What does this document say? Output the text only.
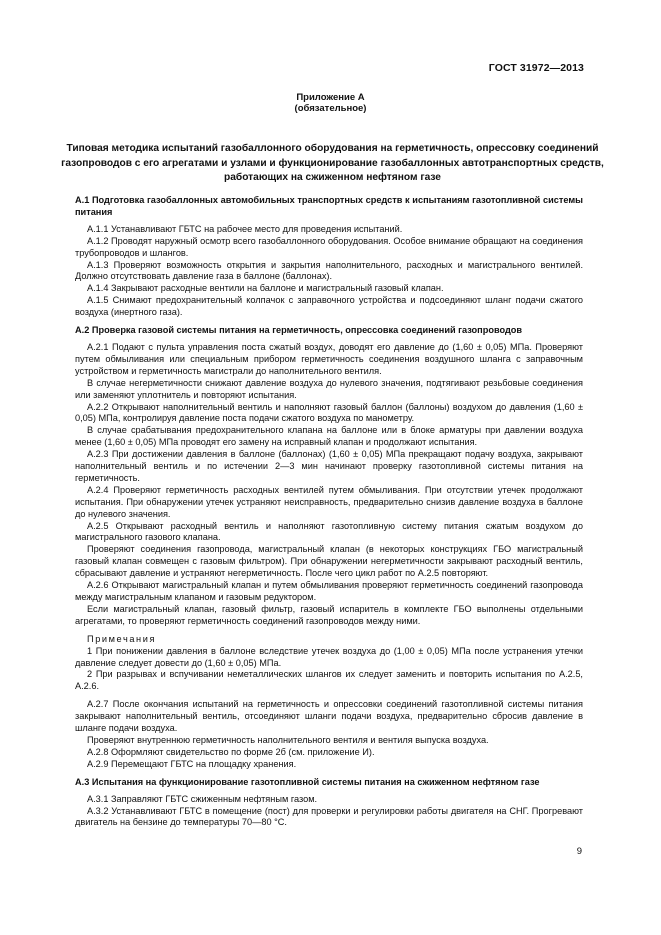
ГОСТ 31972—2013
Приложение А
(обязательное)
Типовая методика испытаний газобаллонного оборудования на герметичность, опрессовку соединений газопроводов с его агрегатами и узлами и функционирование газобаллонных автотранспортных средств, работающих на сжиженном нефтяном газе

А.1 Подготовка газобаллонных автомобильных транспортных средств к испытаниям газотопливной системы питания

А.1.1 Устанавливают ГБТС на рабочее место для проведения испытаний.

А.1.2 Проводят наружный осмотр всего газобаллонного оборудования. Особое внимание обращают на соединения трубопроводов и шлангов.

А.1.3 Проверяют возможность открытия и закрытия наполнительного, расходных и магистрального вентилей. Должно отсутствовать давление газа в баллоне (баллонах).

А.1.4 Закрывают расходные вентили на баллоне и магистральный газовый клапан.

А.1.5 Снимают предохранительный колпачок с заправочного устройства и подсоединяют шланг подачи сжатого воздуха (инертного газа).

А.2 Проверка газовой системы питания на герметичность, опрессовка соединений газопроводов

А.2.1 Подают с пульта управления поста сжатый воздух, доводят его давление до (1,60 ± 0,05) МПа. Проверяют путем обмыливания или специальным прибором герметичность соединения воздушного шланга с заправочным устройством и герметичность магистрали до наполнительного вентиля.

В случае негерметичности снижают давление воздуха до нулевого значения, подтягивают резьбовые соединения или заменяют уплотнитель и повторяют испытания.

А.2.2 Открывают наполнительный вентиль и наполняют газовый баллон (баллоны) воздухом до давления (1,60 ± 0,05) МПа, контролируя давление поста подачи сжатого воздуха по манометру.

В случае срабатывания предохранительного клапана на баллоне или в блоке арматуры при давлении воздуха менее (1,60 ± 0,05) МПа проводят его замену на исправный клапан и продолжают испытания.

А.2.3 При достижении давления в баллоне (баллонах) (1,60 ± 0,05) МПа прекращают подачу воздуха, закрывают наполнительный вентиль и по истечении 2—3 мин начинают проверку газотопливной системы питания на герметичность.

А.2.4 Проверяют герметичность расходных вентилей путем обмыливания. При отсутствии утечек продолжают испытания. При обнаружении утечек устраняют неисправность, предварительно снизив давление воздуха в баллоне до нулевого значения.

А.2.5 Открывают расходный вентиль и наполняют газотопливную систему питания сжатым воздухом до магистрального газового клапана.

Проверяют соединения газопровода, магистральный клапан (в некоторых конструкциях ГБО магистральный газовый клапан совмещен с газовым фильтром). При обнаружении негерметичности закрывают расходный вентиль, сбрасывают давление и устраняют негерметичность. После чего цикл работ по А.2.5 повторяют.

А.2.6 Открывают магистральный клапан и путем обмыливания проверяют герметичность соединений газопровода между магистральным клапаном и газовым редуктором.

Если магистральный клапан, газовый фильтр, газовый испаритель в комплекте ГБО выполнены отдельными агрегатами, то проверяют герметичность соединений газопроводов между ними.

Примечания

1 При понижении давления в баллоне вследствие утечек воздуха до (1,00 ± 0,05) МПа после устранения утечки давление следует довести до (1,60 ± 0,05) МПа.

2 При разрывах и вспучивании неметаллических шлангов их следует заменить и повторить испытания по А.2.5, А.2.6.

А.2.7 После окончания испытаний на герметичность и опрессовки соединений газотопливной системы питания закрывают наполнительный вентиль, отсоединяют шланги подачи воздуха, предварительно сбросив давление в шланге подачи воздуха.

Проверяют внутреннюю герметичность наполнительного вентиля и вентиля выпуска воздуха.

А.2.8 Оформляют свидетельство по форме 2б (см. приложение И).

А.2.9 Перемещают ГБТС на площадку хранения.

А.3 Испытания на функционирование газотопливной системы питания на сжиженном нефтяном газе

А.3.1 Заправляют ГБТС сжиженным нефтяным газом.

А.3.2 Устанавливают ГБТС в помещение (пост) для проверки и регулировки работы двигателя на СНГ. Прогревают двигатель на бензине до температуры 70—80 °С.

9
